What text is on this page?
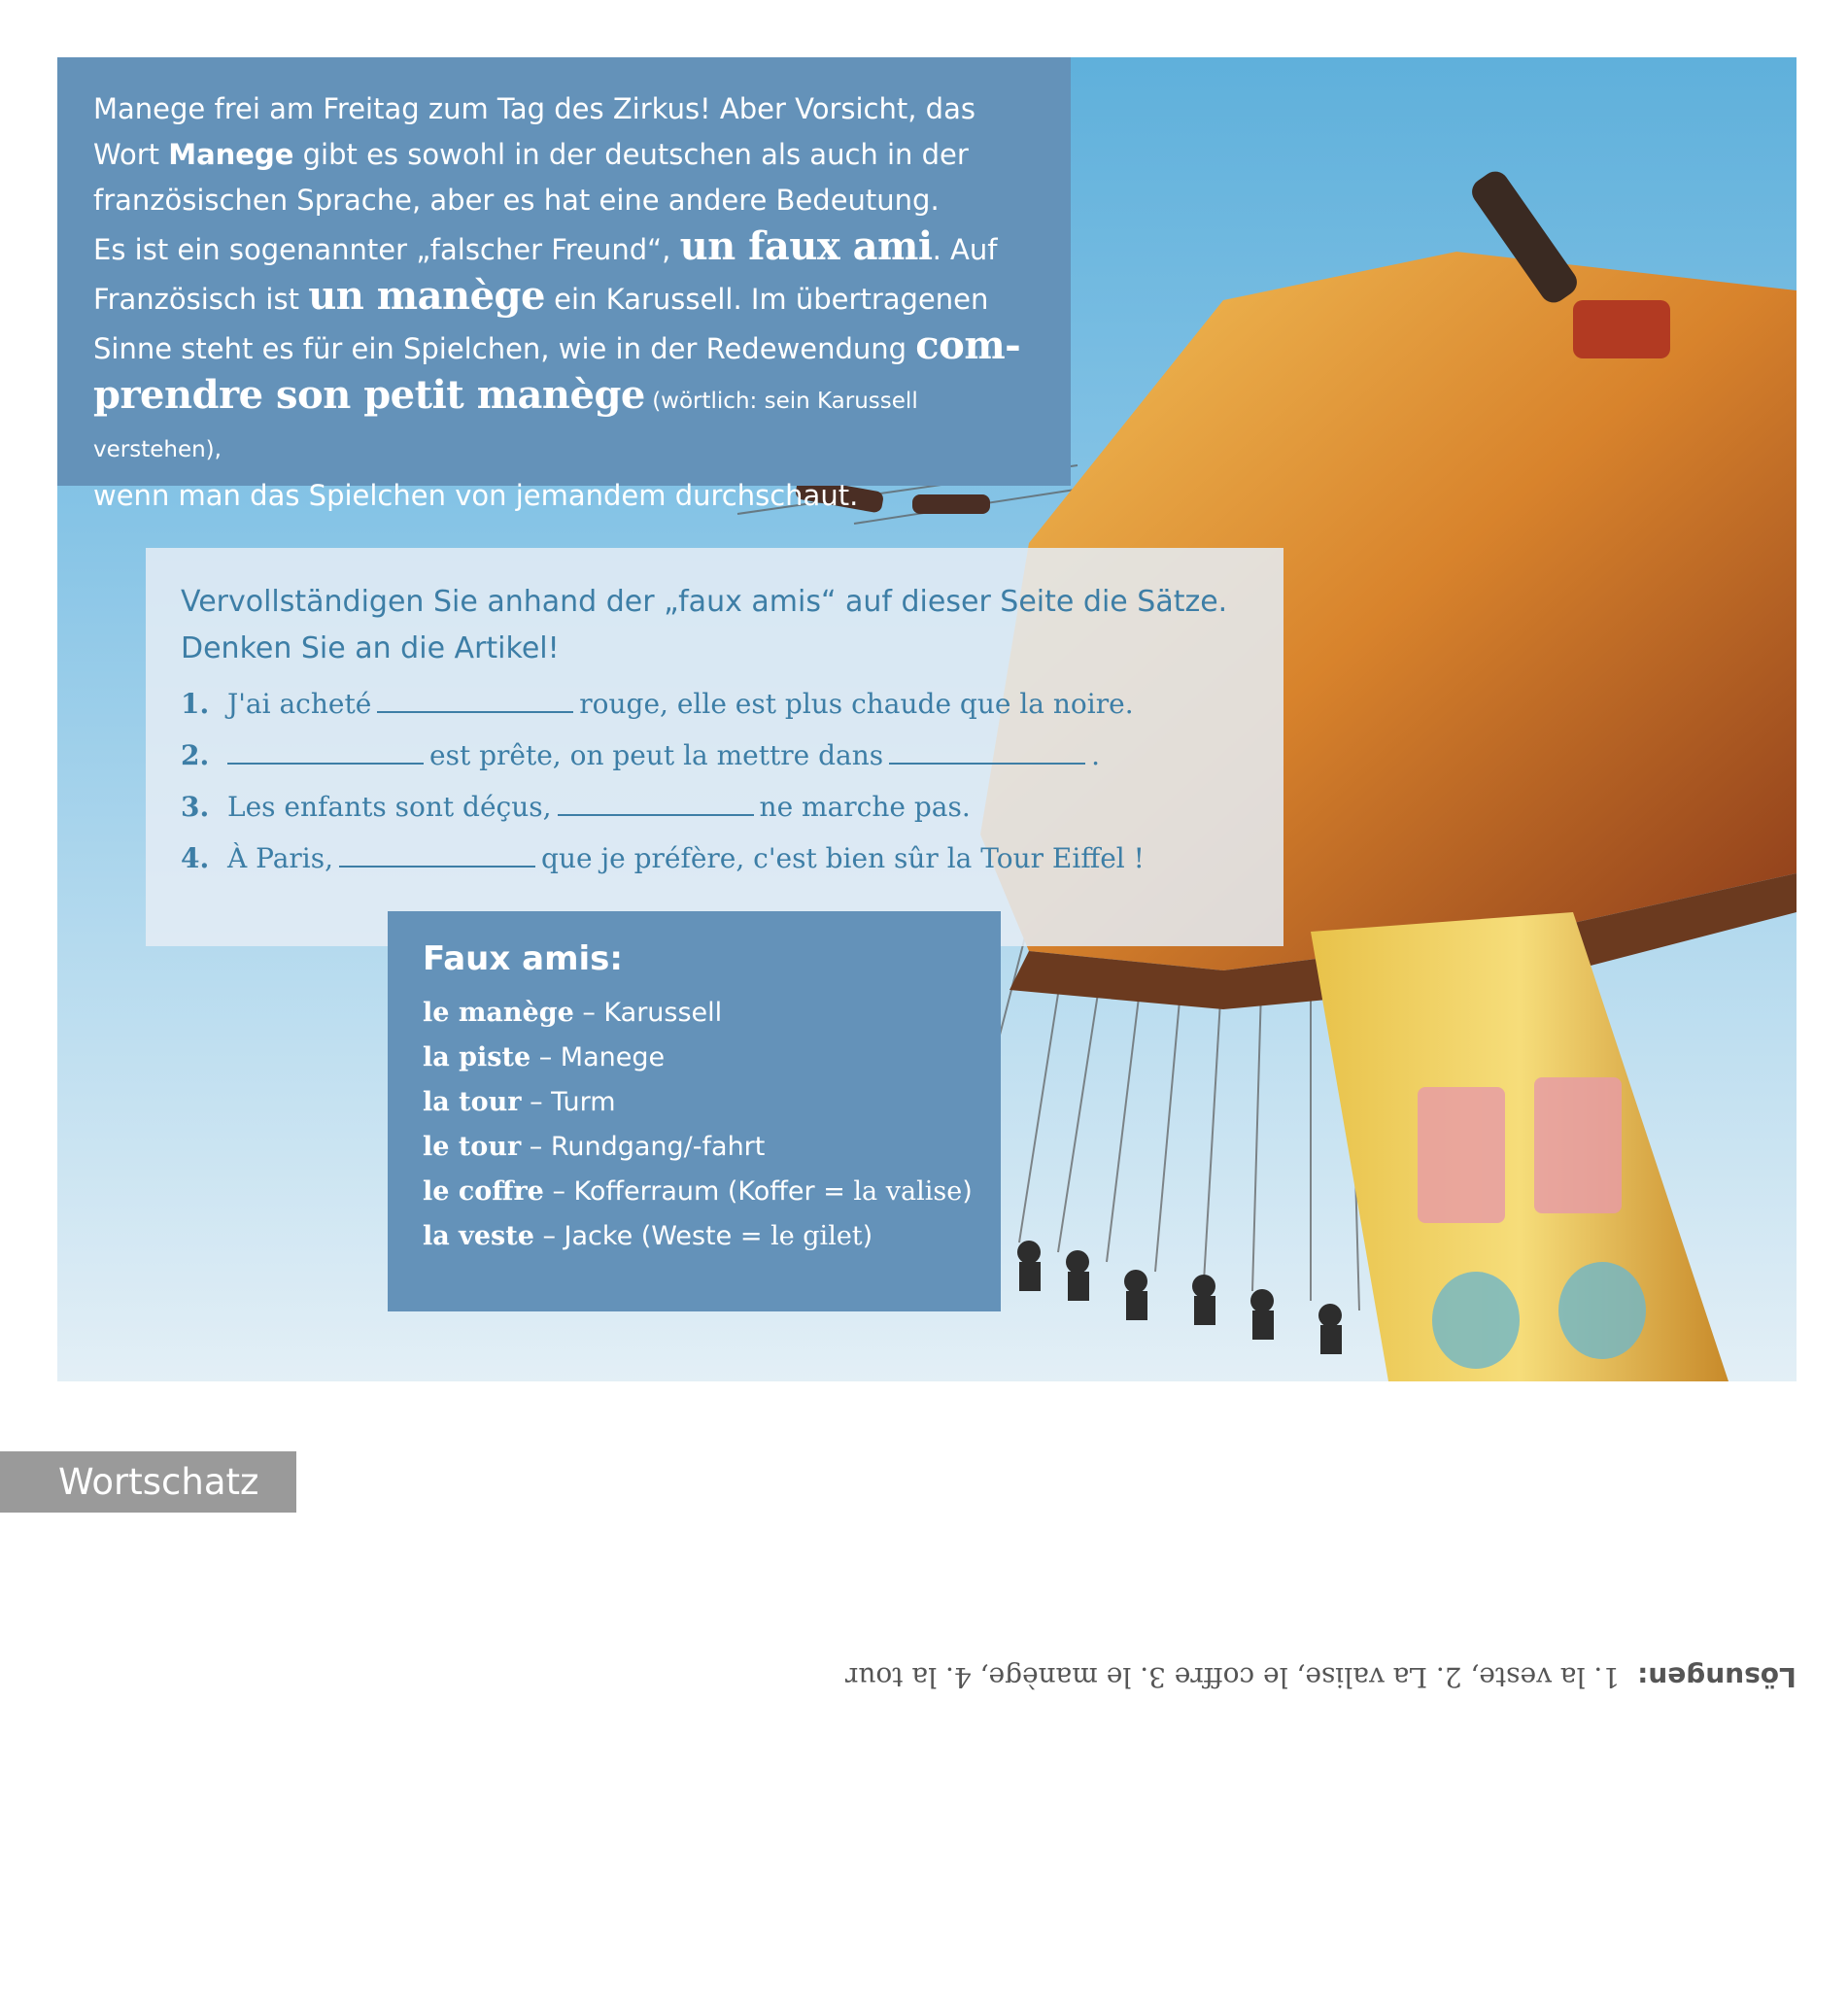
Manege frei am Freitag zum Tag des Zirkus! Aber Vorsicht, das

Wort Manege gibt es sowohl in der deutschen als auch in der

französischen Sprache, aber es hat eine andere Bedeutung.

Es ist ein sogenannter „falscher Freund“, un faux ami. Auf

Französisch ist un manège ein Karussell. Im übertragenen

Sinne steht es für ein Spielchen, wie in der Redewendung com-

prendre son petit manège (wörtlich: sein Karussell verstehen),

wenn man das Spielchen von jemandem durchschaut.

Vervollständigen Sie anhand der „faux amis“ auf dieser Seite die Sätze.
Denken Sie an die Artikel!

1. J'ai acheté	rouge, elle est plus chaude que la noire.
2.	est prête, on peut la mettre dans	.
3. Les enfants sont déçus,	ne marche pas.
4. À Paris,	que je préfère, c'est bien sûr la Tour Eiffel !
Faux amis:
le manège – Karussell
la piste – Manege
la tour – Turm
le tour – Rundgang/-fahrt
le coffre – Kofferraum (Koffer = la valise)
la veste – Jacke (Weste = le gilet)
Wortschatz
Lösungen:1. la veste, 2. La valise, le coffre 3. le manège, 4. la tour
